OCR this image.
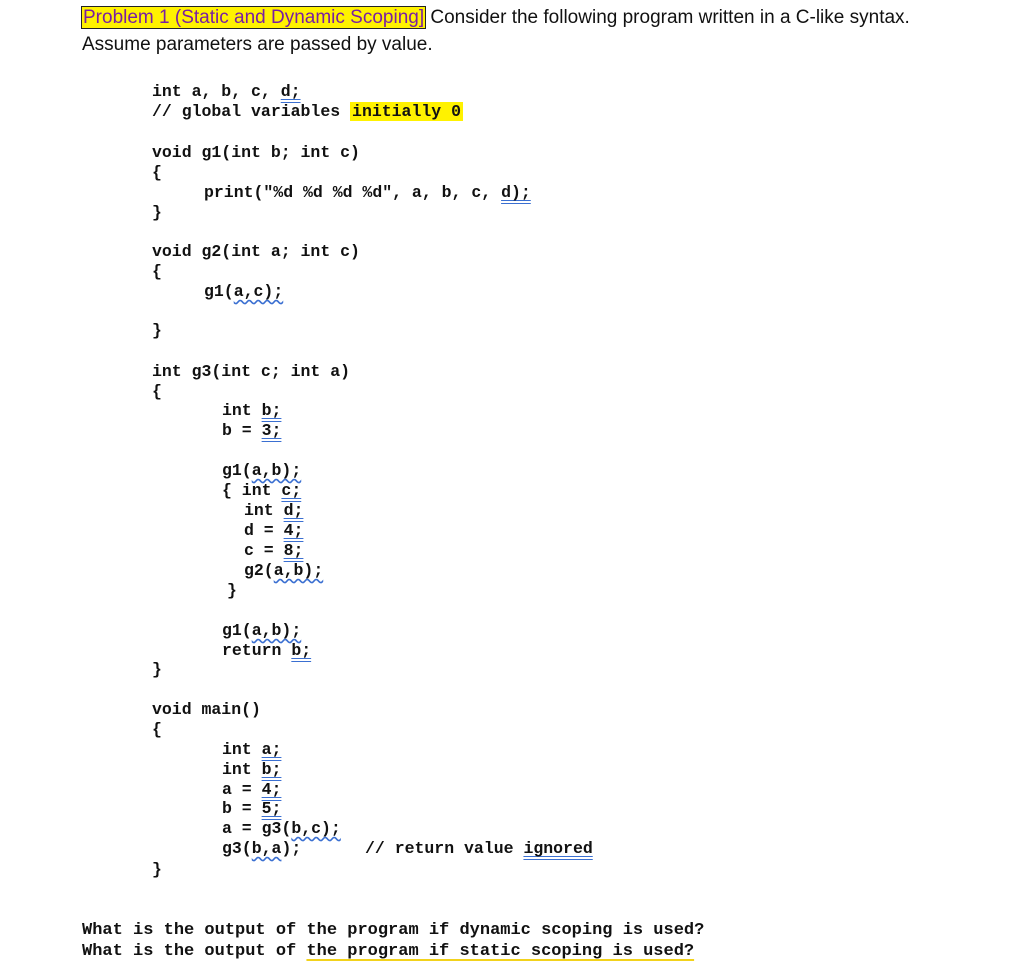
Problem 1 (Static and Dynamic Scoping] Consider the following program written in a C-like syntax.
Assume parameters are passed by value.
int a, b, c, d;
// global variables initially 0
void g1(int b; int c)
{
print("%d %d %d %d", a, b, c, d);
}
void g2(int a; int c)
{
g1(a,c);
}
int g3(int c; int a)
{
int b;
b = 3;
g1(a,b);
{ int c;
int d;
d = 4;
c = 8;
g2(a,b);
}
g1(a,b);
return b;
}
void main()
{
int a;
int b;
a = 4;
b = 5;
a = g3(b,c);
g3(b,a);	// return value ignored
}
What is the output of the program if dynamic scoping is used?
What is the output of the program if static scoping is used?
